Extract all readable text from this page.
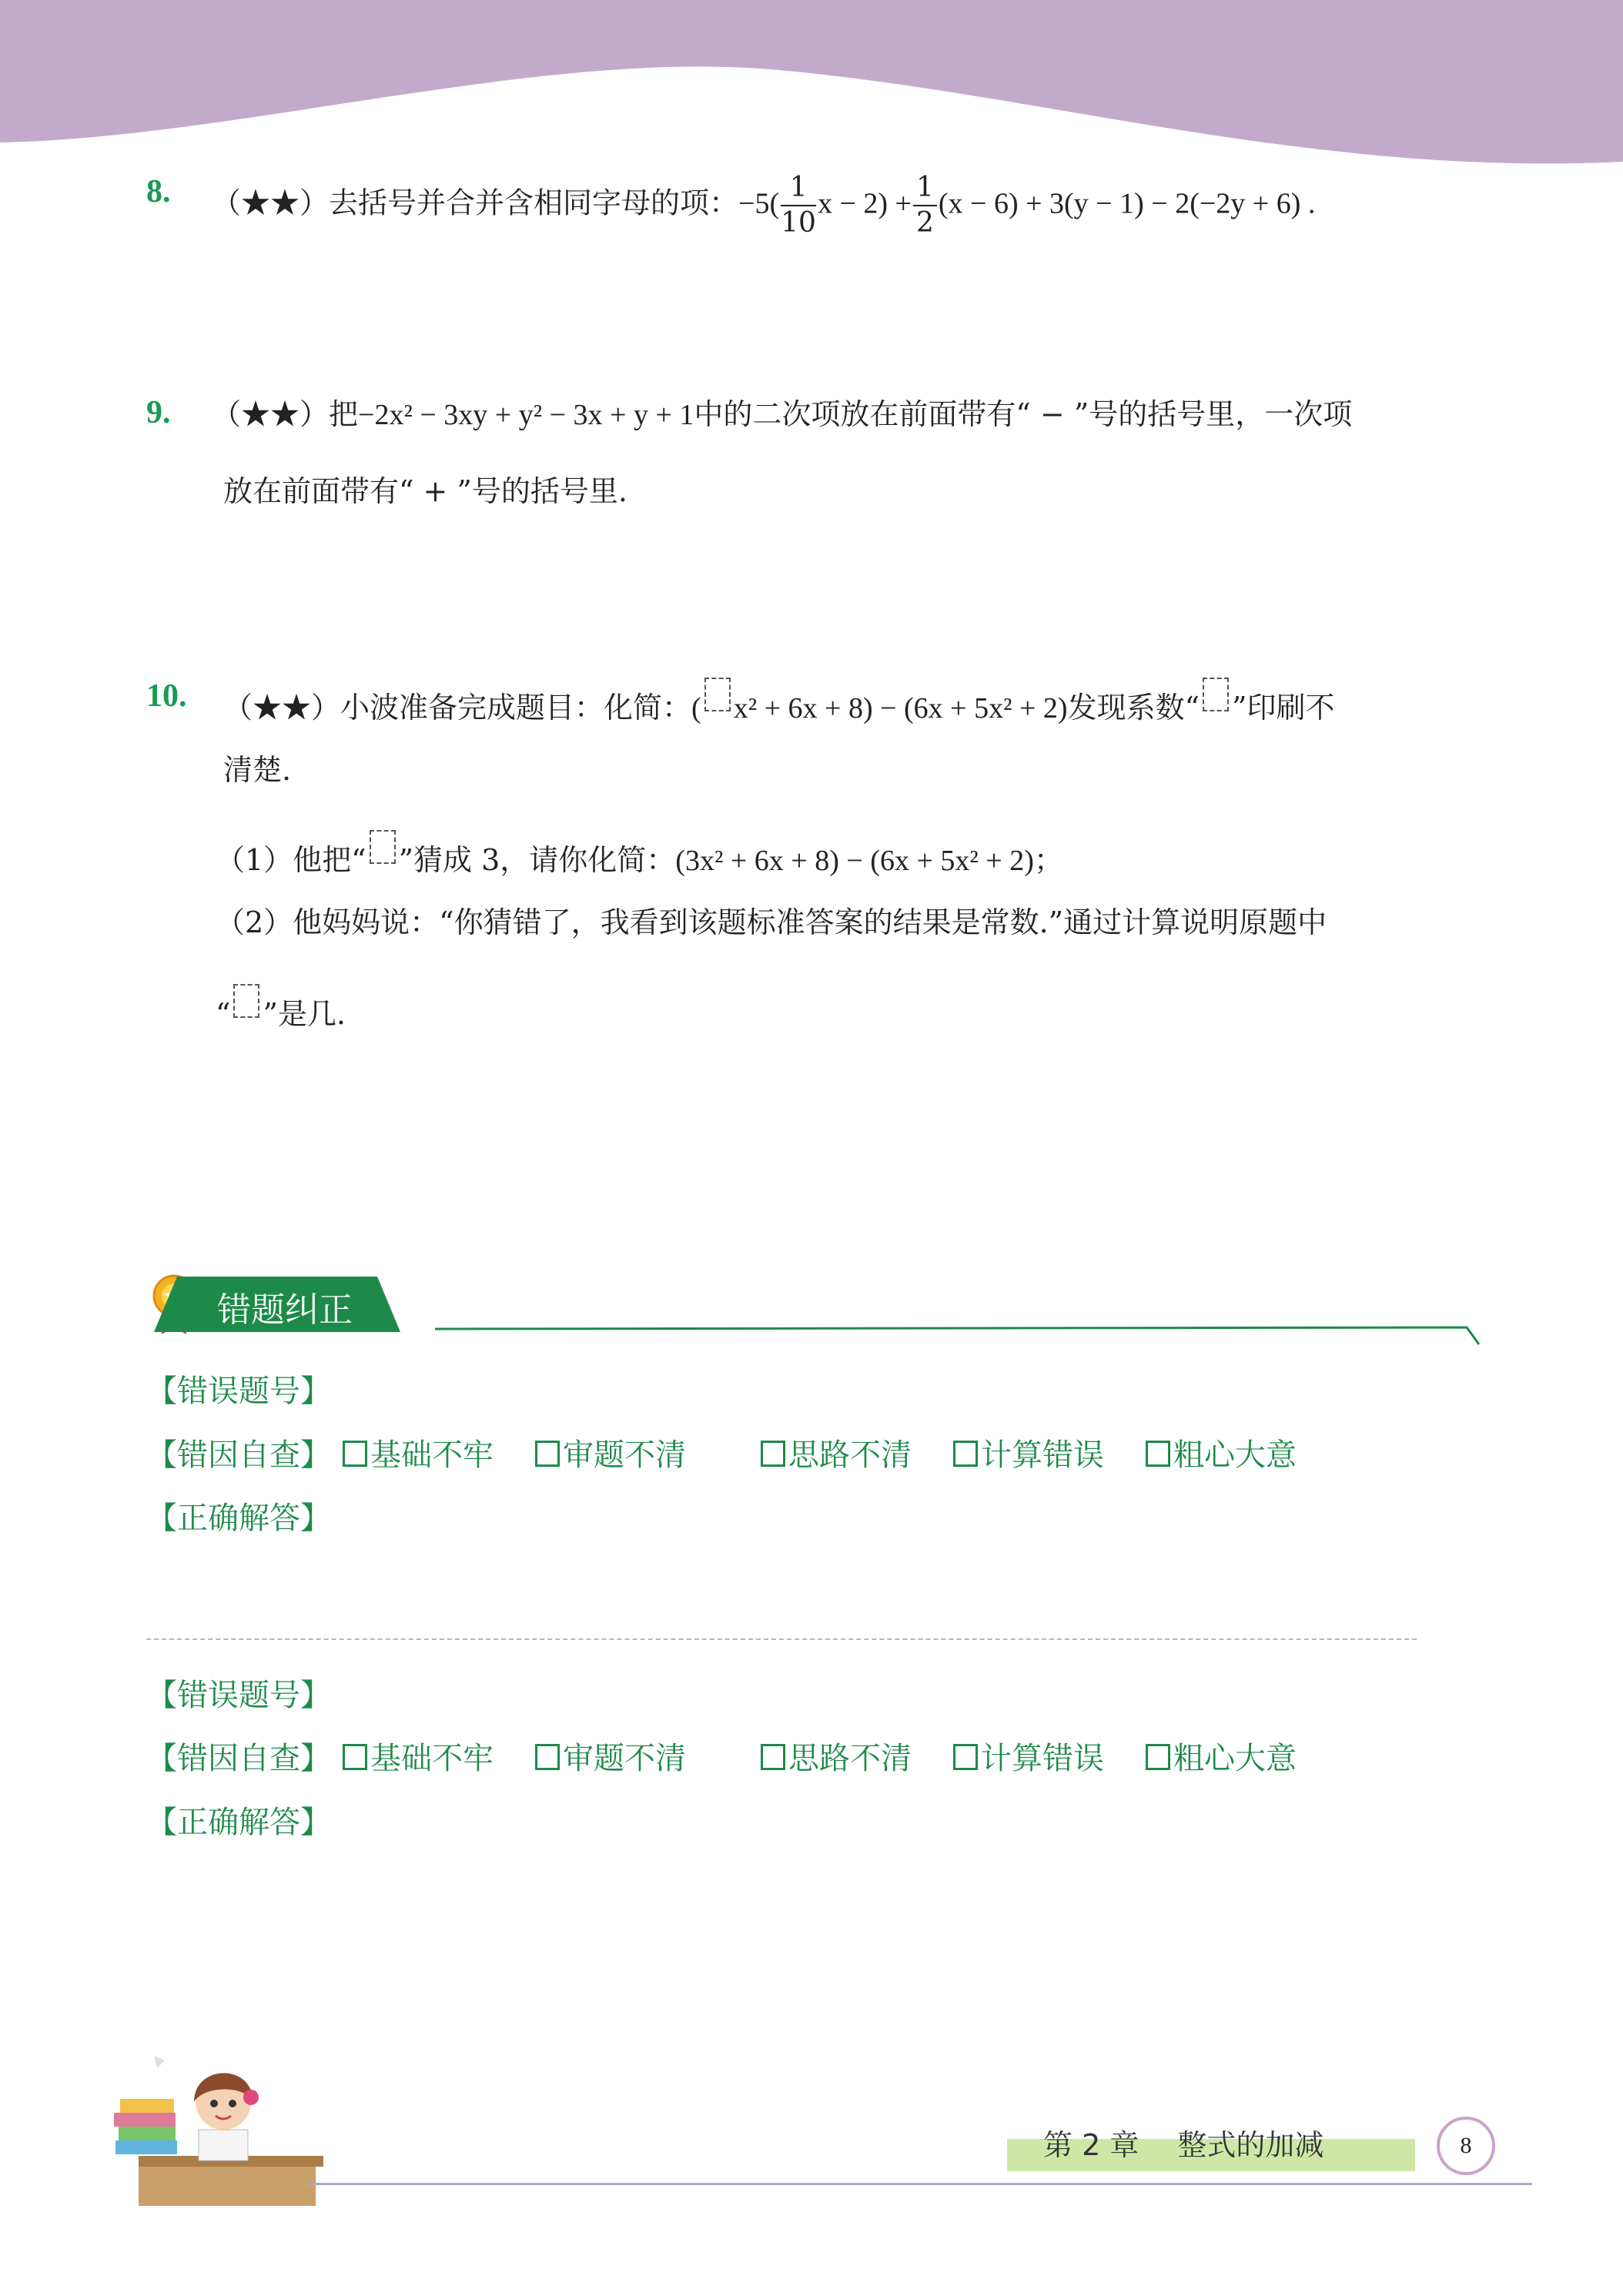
8. （★★）去括号并合并含相同字母的项：$-5( \frac{1}{10}$ $x - 2) + \frac{1}{2} (x - 6) + 3(y - 1) - 2(-2y + 6)$ .
9. （★★）把−2x² − 3xy + y² − 3x + y + 1中的二次项放在前面带有“ − ”号的括号里，一次项
放在前面带有“ + ”号的括号里.
10. （★★）小波准备完成题目：化简：( x² + 6x + 8) − (6x + 5x² + 2)发现系数“ ”印刷不
清楚.
（1）他把“ ”猜成 3，请你化简：(3x² + 6x + 8) − (6x + 5x² + 2)；
（2）他妈妈说：“你猜错了，我看到该题标准答案的结果是常数.”通过计算说明原题中
“ ”是几.
错题纠正
【错误题号】
【错因自查】	基础不牢	审题不清	思路不清	计算错误	粗心大意
【正确解答】
【错误题号】
【错因自查】	基础不牢	审题不清	思路不清	计算错误	粗心大意
【正确解答】
第 2 章　 整式的加减	8
